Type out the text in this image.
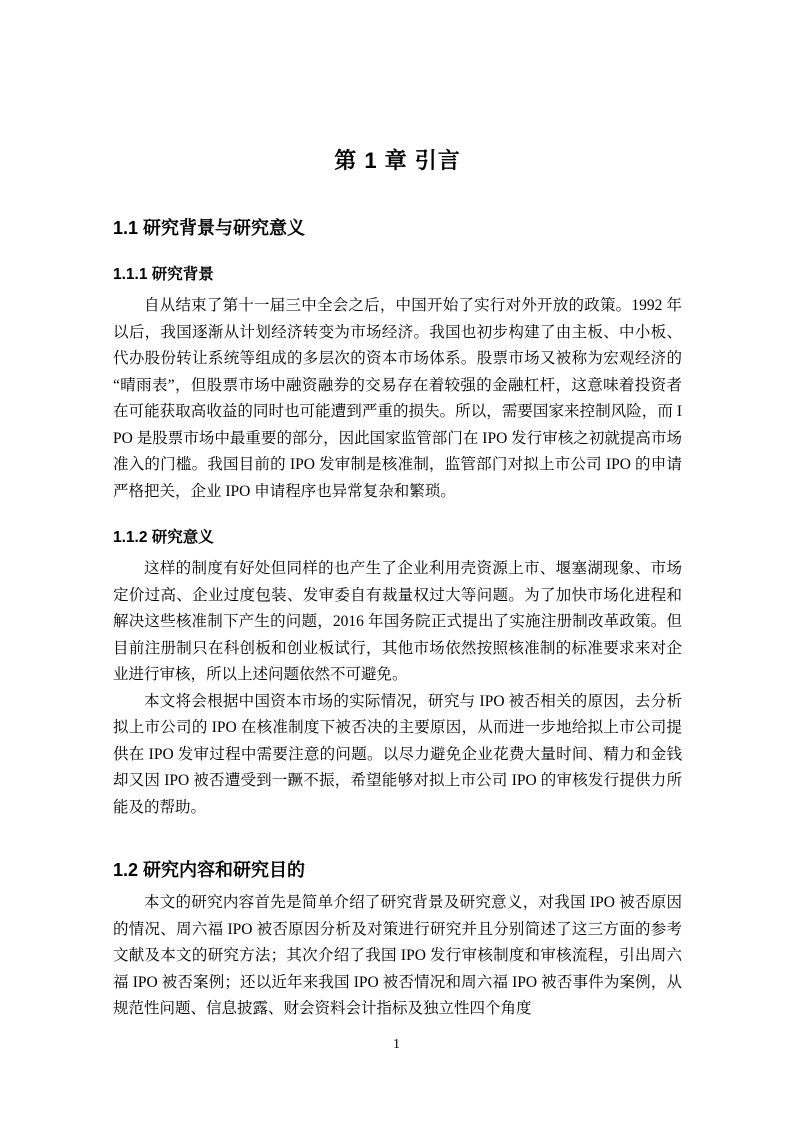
第 1 章 引言
1.1 研究背景与研究意义
1.1.1 研究背景

自从结束了第十一届三中全会之后，中国开始了实行对外开放的政策。1992 年以后，我国逐渐从计划经济转变为市场经济。我国也初步构建了由主板、中小板、代办股份转让系统等组成的多层次的资本市场体系。股票市场又被称为宏观经济的“晴雨表”，但股票市场中融资融券的交易存在着较强的金融杠杆，这意味着投资者在可能获取高收益的同时也可能遭到严重的损失。所以，需要国家来控制风险，而 IPO 是股票市场中最重要的部分，因此国家监管部门在 IPO 发行审核之初就提高市场准入的门槛。我国目前的 IPO 发审制是核准制，监管部门对拟上市公司 IPO 的申请严格把关，企业 IPO 申请程序也异常复杂和繁琐。

1.1.2 研究意义

这样的制度有好处但同样的也产生了企业利用壳资源上市、堰塞湖现象、市场定价过高、企业过度包装、发审委自有裁量权过大等问题。为了加快市场化进程和解决这些核准制下产生的问题，2016 年国务院正式提出了实施注册制改革政策。但目前注册制只在科创板和创业板试行，其他市场依然按照核准制的标准要求来对企业进行审核，所以上述问题依然不可避免。

本文将会根据中国资本市场的实际情况，研究与 IPO 被否相关的原因，去分析拟上市公司的 IPO 在核准制度下被否决的主要原因，从而进一步地给拟上市公司提供在 IPO 发审过程中需要注意的问题。以尽力避免企业花费大量时间、精力和金钱却又因 IPO 被否遭受到一蹶不振，希望能够对拟上市公司 IPO 的审核发行提供力所能及的帮助。

1.2 研究内容和研究目的

本文的研究内容首先是简单介绍了研究背景及研究意义，对我国 IPO 被否原因的情况、周六福 IPO 被否原因分析及对策进行研究并且分别简述了这三方面的参考文献及本文的研究方法；其次介绍了我国 IPO 发行审核制度和审核流程，引出周六福 IPO 被否案例；还以近年来我国 IPO 被否情况和周六福 IPO 被否事件为案例，从规范性问题、信息披露、财会资料会计指标及独立性四个角度

1
